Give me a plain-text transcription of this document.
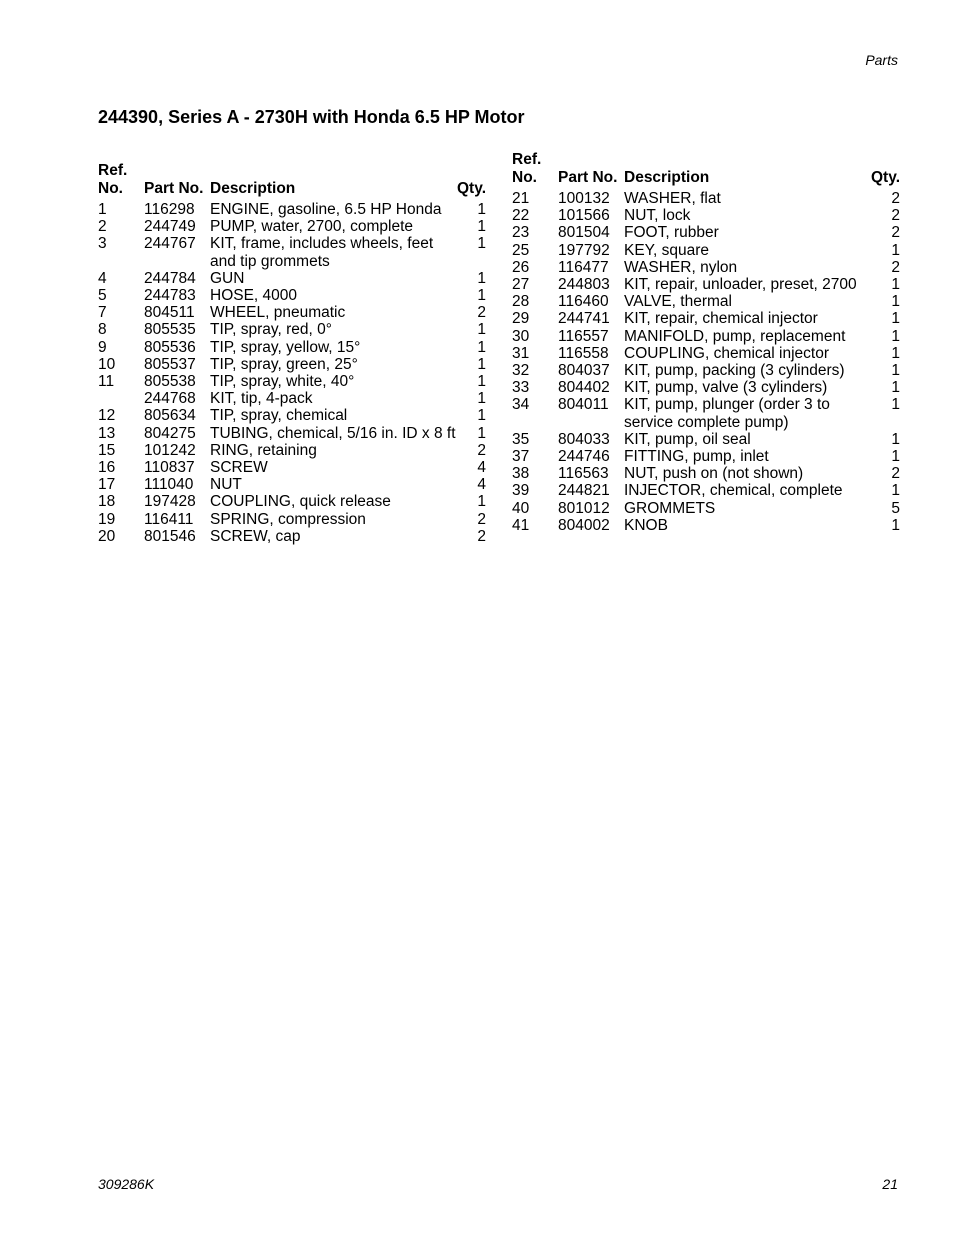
Parts
244390, Series A - 2730H with Honda 6.5 HP Motor
Ref.
No.	Part No.	Description	Qty.
1	116298	ENGINE, gasoline, 6.5 HP Honda	1
2	244749	PUMP, water, 2700, complete	1
3	244767	KIT, frame, includes wheels, feet and tip grommets	1
4	244784	GUN	1
5	244783	HOSE, 4000	1
7	804511	WHEEL, pneumatic	2
8	805535	TIP, spray, red, 0°	1
9	805536	TIP, spray, yellow, 15°	1
10	805537	TIP, spray, green, 25°	1
11	805538	TIP, spray, white, 40°	1
	244768	KIT, tip, 4-pack	1
12	805634	TIP, spray, chemical	1
13	804275	TUBING, chemical, 5/16 in. ID x 8 ft	1
15	101242	RING, retaining	2
16	110837	SCREW	4
17	111040	NUT	4
18	197428	COUPLING, quick release	1
19	116411	SPRING, compression	2
20	801546	SCREW, cap	2
Ref.
No.	Part No.	Description	Qty.
21	100132	WASHER, flat	2
22	101566	NUT, lock	2
23	801504	FOOT, rubber	2
25	197792	KEY, square	1
26	116477	WASHER, nylon	2
27	244803	KIT, repair, unloader, preset, 2700	1
28	116460	VALVE, thermal	1
29	244741	KIT, repair, chemical injector	1
30	116557	MANIFOLD, pump, replacement	1
31	116558	COUPLING, chemical injector	1
32	804037	KIT, pump, packing (3 cylinders)	1
33	804402	KIT, pump, valve (3 cylinders)	1
34	804011	KIT, pump, plunger (order 3 to service complete pump)	1
35	804033	KIT, pump, oil seal	1
37	244746	FITTING, pump, inlet	1
38	116563	NUT, push on (not shown)	2
39	244821	INJECTOR, chemical, complete	1
40	801012	GROMMETS	5
41	804002	KNOB	1
309286K	21
